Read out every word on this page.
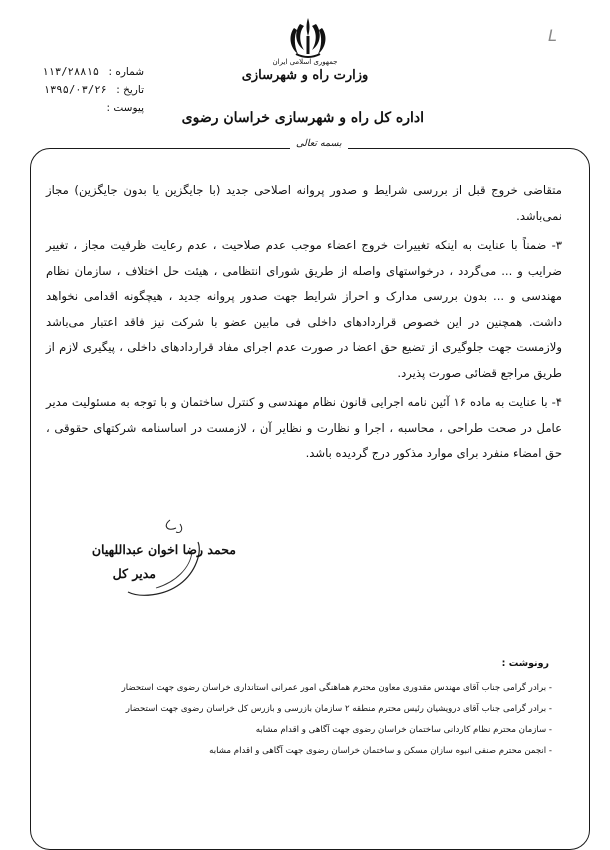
جمهوری اسلامی ایران
وزارت راه و شهرسازی
اداره کل راه و شهرسازی خراسان رضوی
L
شماره : ۱۱۳/۲۸۸۱۵
تاریخ : ۱۳۹۵/۰۳/۲۶
پیوست :
بسمه تعالی

متقاضی خروج قبل از بررسی شرایط و صدور پروانه اصلاحی جدید (با جایگزین یا بدون جایگزین) مجاز نمی‌باشد.

۳- ضمناً با عنایت به اینکه تغییرات خروج اعضاء موجب عدم صلاحیت ، عدم رعایت ظرفیت مجاز ، تغییر ضرایب و ... می‌گردد ، درخواستهای واصله از طریق شورای انتظامی ، هیئت حل اختلاف ، سازمان نظام مهندسی و ... بدون بررسی مدارک و احراز شرایط جهت صدور پروانه جدید ، هیچگونه اقدامی نخواهد داشت. همچنین در این خصوص قراردادهای داخلی فی مابین عضو با شرکت نیز فاقد اعتبار می‌باشد ولازمست جهت جلوگیری از تضیع حق اعضا در صورت عدم اجرای مفاد قراردادهای داخلی ، پیگیری لازم از طریق مراجع قضائی صورت پذیرد.

۴- با عنایت به ماده ۱۶ آئین نامه اجرایی قانون نظام مهندسی و کنترل ساختمان و با توجه به مسئولیت مدیر عامل در صحت طراحی ، محاسبه ، اجرا و نظارت و نظایر آن ، لازمست در اساسنامه شرکتهای حقوقی ، حق امضاء منفرد برای موارد مذکور درج گردیده باشد.

محمد رضا اخوان عبداللهیان
مدیر کل
رونوشت :
- برادر گرامی جناب آقای مهندس مقدوری معاون محترم هماهنگی امور عمرانی استانداری خراسان رضوی جهت استحضار
- برادر گرامی جناب آقای درویشیان رئیس محترم منطقه ۲ سازمان بازرسی و بازرس کل خراسان رضوی جهت استحضار
- سازمان محترم نظام کاردانی ساختمان خراسان رضوی جهت آگاهی و اقدام مشابه
- انجمن محترم صنفی انبوه سازان مسکن و ساختمان خراسان رضوی جهت آگاهی و اقدام مشابه
